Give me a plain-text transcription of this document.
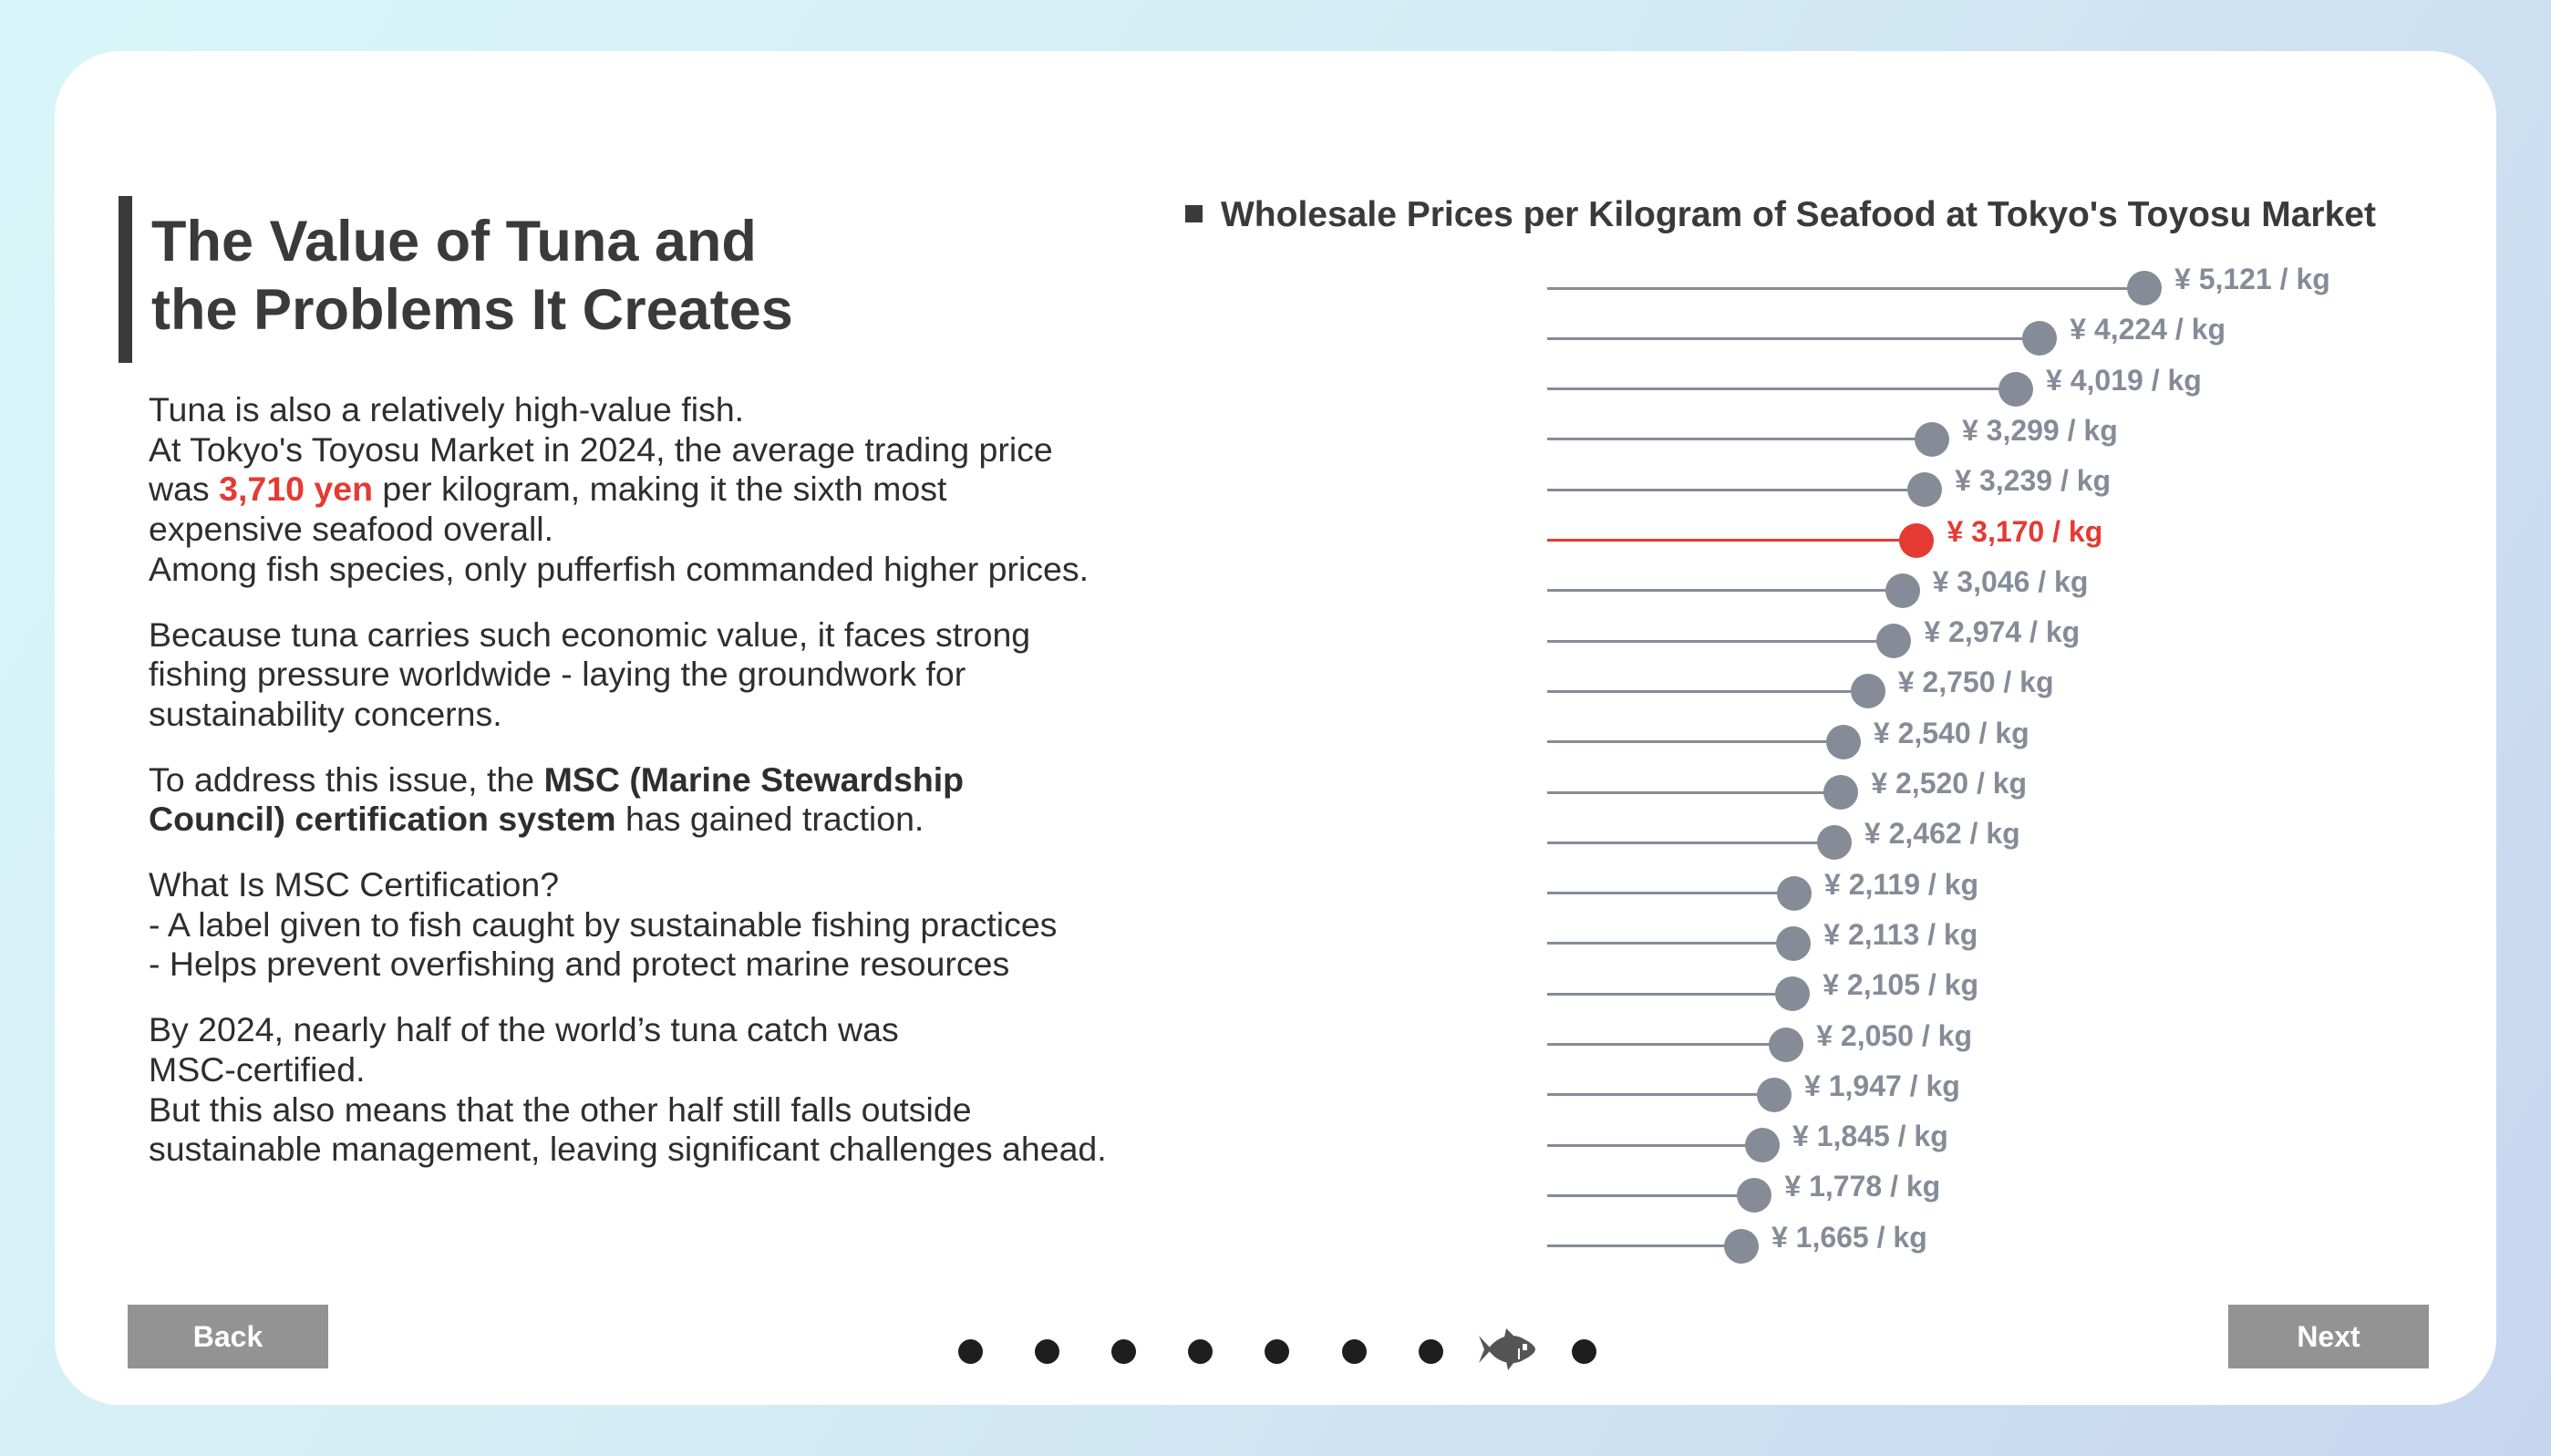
The Value of Tuna and
the Problems It Creates

Tuna is also a relatively high-value fish.
At Tokyo's Toyosu Market in 2024, the average trading price
was 3,710 yen per kilogram, making it the sixth most
expensive seafood overall.
Among fish species, only pufferfish commanded higher prices.

Because tuna carries such economic value, it faces strong
fishing pressure worldwide - laying the groundwork for
sustainability concerns.

To address this issue, the MSC (Marine Stewardship
Council) certification system has gained traction.

What Is MSC Certification?
- A label given to fish caught by sustainable fishing practices
- Helps prevent overfishing and protect marine resources

By 2024, nearly half of the world’s tuna catch was
MSC-certified.
But this also means that the other half still falls outside
sustainable management, leaving significant challenges ahead.

Wholesale Prices per Kilogram of Seafood at Tokyo's Toyosu Market
¥ 5,121 / kg
¥ 4,224 / kg
¥ 4,019 / kg
¥ 3,299 / kg
¥ 3,239 / kg
¥ 3,170 / kg
¥ 3,046 / kg
¥ 2,974 / kg
¥ 2,750 / kg
¥ 2,540 / kg
¥ 2,520 / kg
¥ 2,462 / kg
¥ 2,119 / kg
¥ 2,113 / kg
¥ 2,105 / kg
¥ 2,050 / kg
¥ 1,947 / kg
¥ 1,845 / kg
¥ 1,778 / kg
¥ 1,665 / kg
Back	Next
